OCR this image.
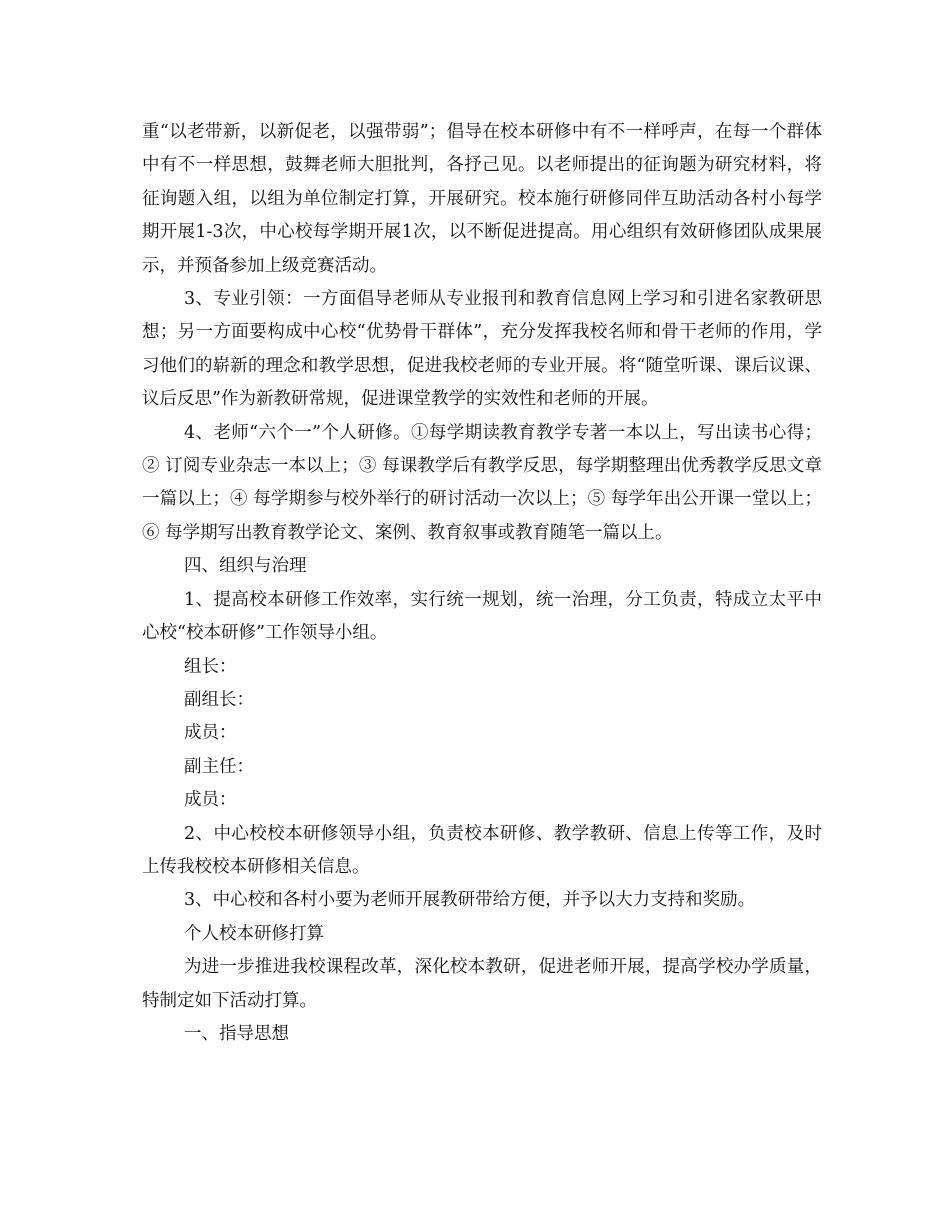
重“以老带新，以新促老，以强带弱”；倡导在校本研修中有不一样呼声，在每一个群体中有不一样思想，鼓舞老师大胆批判，各抒己见。以老师提出的征询题为研究材料，将征询题入组，以组为单位制定打算，开展研究。校本施行研修同伴互助活动各村小每学期开展1-3次，中心校每学期开展1次，以不断促进提高。用心组织有效研修团队成果展示，并预备参加上级竞赛活动。

3、专业引领：一方面倡导老师从专业报刊和教育信息网上学习和引进名家教研思想；另一方面要构成中心校“优势骨干群体”，充分发挥我校名师和骨干老师的作用，学习他们的崭新的理念和教学思想，促进我校老师的专业开展。将“随堂听课、课后议课、议后反思”作为新教研常规，促进课堂教学的实效性和老师的开展。

4、老师“六个一”个人研修。①每学期读教育教学专著一本以上，写出读书心得；② 订阅专业杂志一本以上；③ 每课教学后有教学反思，每学期整理出优秀教学反思文章一篇以上；④ 每学期参与校外举行的研讨活动一次以上；⑤ 每学年出公开课一堂以上；⑥ 每学期写出教育教学论文、案例、教育叙事或教育随笔一篇以上。

四、组织与治理

1、提高校本研修工作效率，实行统一规划，统一治理，分工负责，特成立太平中心校“校本研修”工作领导小组。

组长：

副组长：

成员：

副主任：

成员：

2、中心校校本研修领导小组，负责校本研修、教学教研、信息上传等工作，及时上传我校校本研修相关信息。

3、中心校和各村小要为老师开展教研带给方便，并予以大力支持和奖励。

个人校本研修打算

为进一步推进我校课程改革，深化校本教研，促进老师开展，提高学校办学质量，特制定如下活动打算。

一、指导思想
